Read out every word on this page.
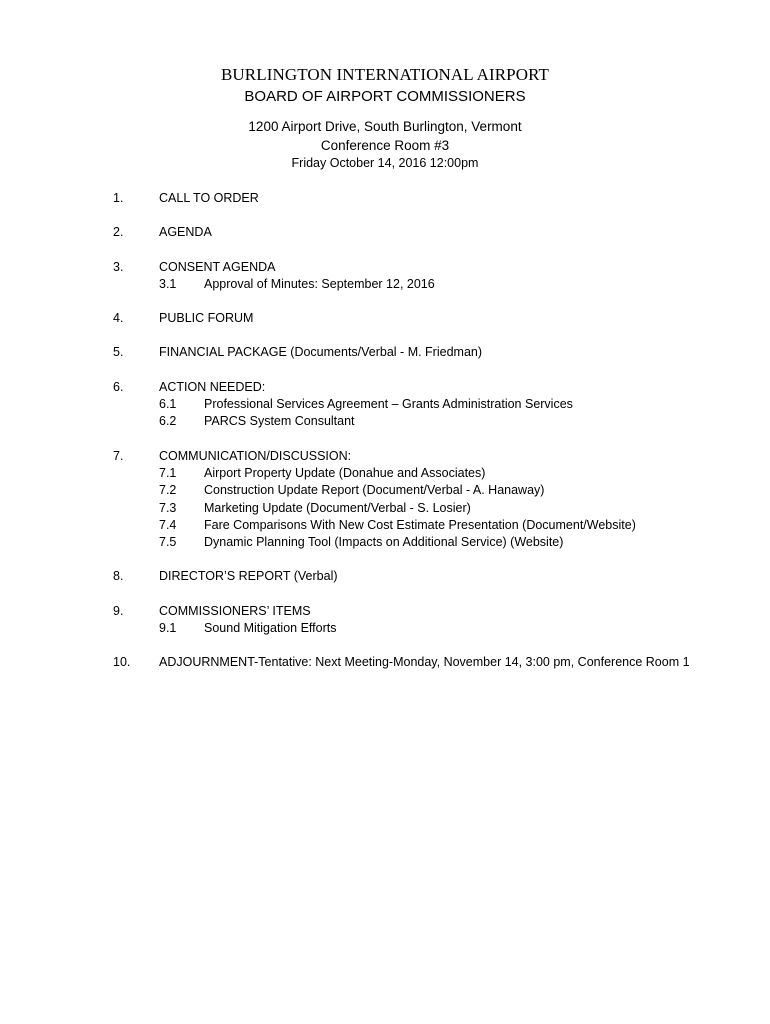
BURLINGTON INTERNATIONAL AIRPORT
BOARD OF AIRPORT COMMISSIONERS
1200 Airport Drive, South Burlington, Vermont
Conference Room #3
Friday October 14, 2016 12:00pm
1.	CALL TO ORDER
2.	AGENDA
3.	CONSENT AGENDA
3.1 Approval of Minutes: September 12, 2016
4.	PUBLIC FORUM
5.	FINANCIAL PACKAGE (Documents/Verbal - M. Friedman)
6.	ACTION NEEDED:
6.1 Professional Services Agreement – Grants Administration Services
6.2 PARCS System Consultant
7.	COMMUNICATION/DISCUSSION:
7.1 Airport Property Update (Donahue and Associates)
7.2 Construction Update Report (Document/Verbal - A. Hanaway)
7.3 Marketing Update (Document/Verbal - S. Losier)
7.4 Fare Comparisons With New Cost Estimate Presentation (Document/Website)
7.5 Dynamic Planning Tool (Impacts on Additional Service) (Website)
8.	DIRECTOR’S REPORT (Verbal)
9.	COMMISSIONERS’ ITEMS
9.1 Sound Mitigation Efforts
10. ADJOURNMENT-Tentative: Next Meeting-Monday, November 14, 3:00 pm, Conference Room 1
